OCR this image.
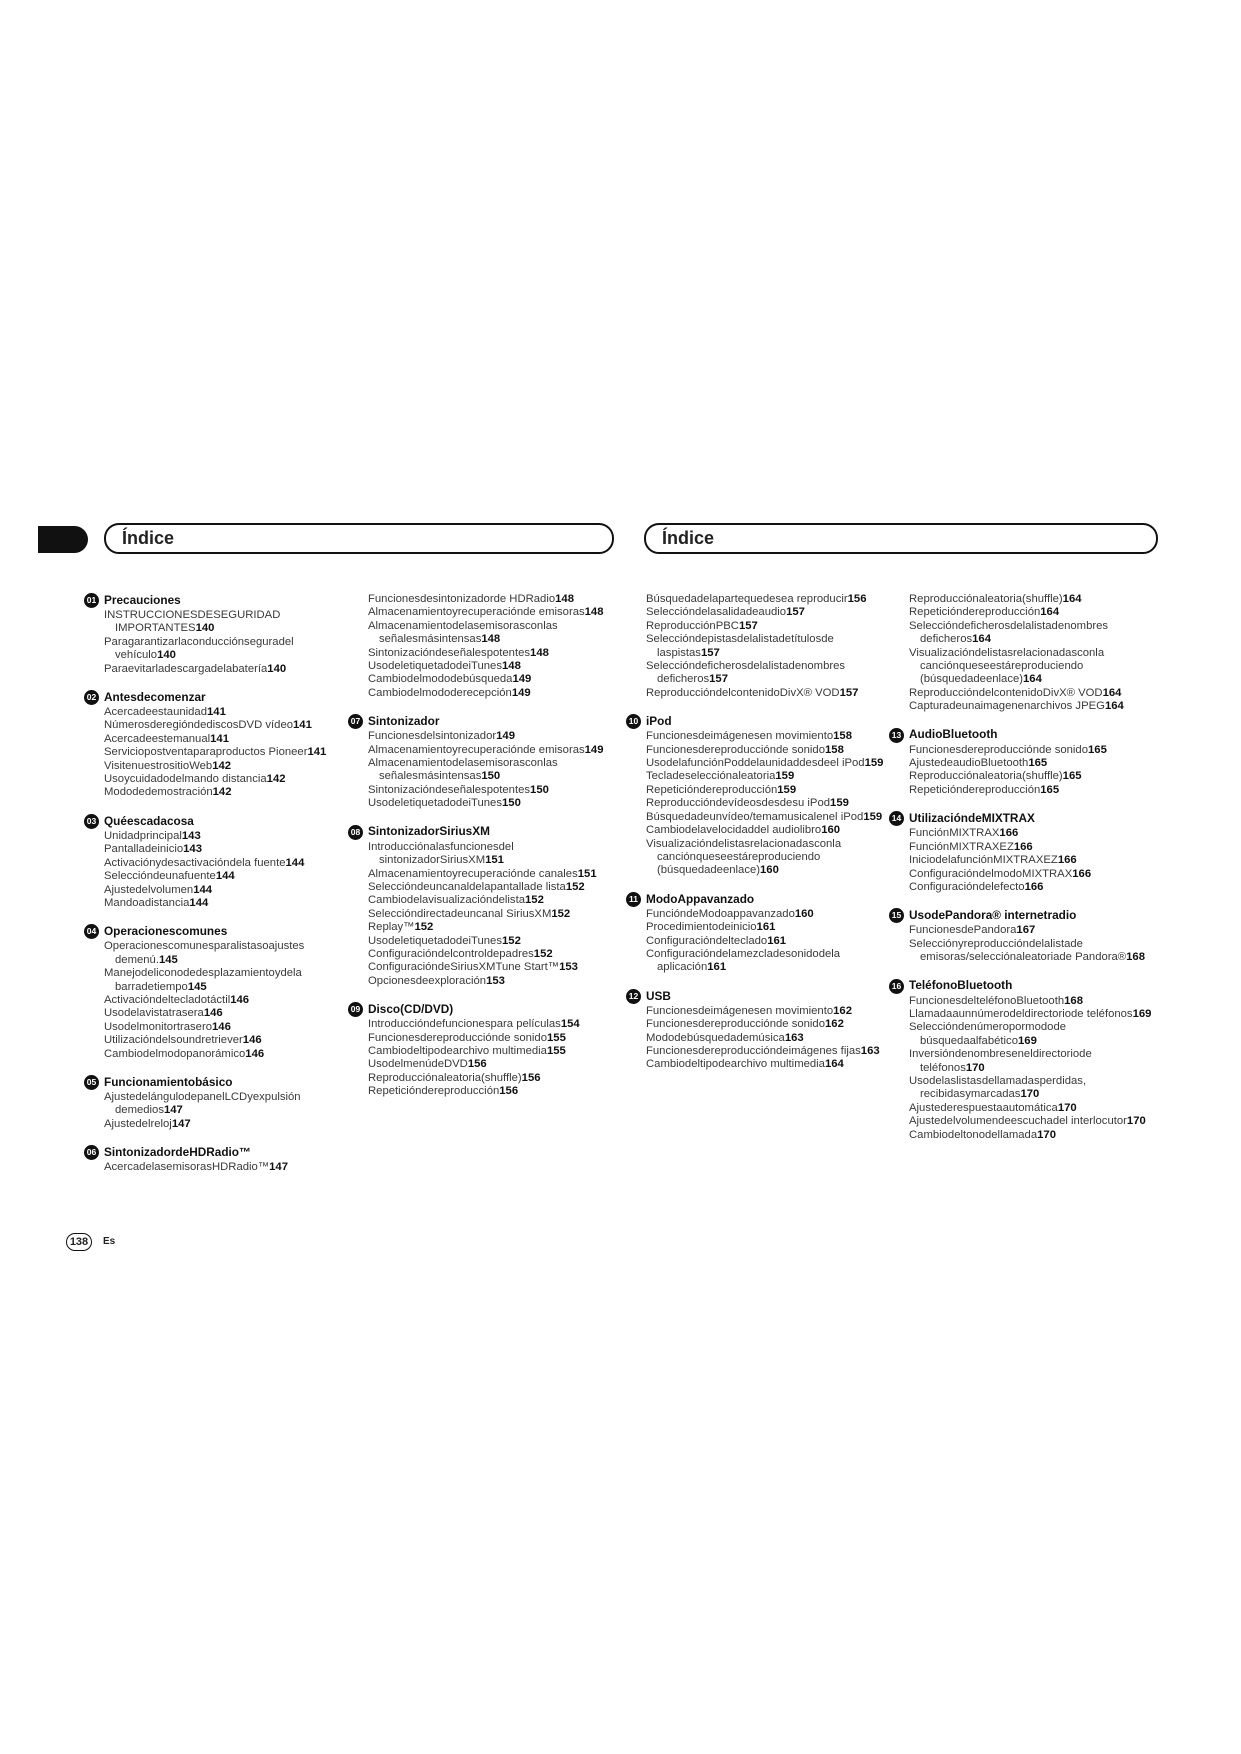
Índice	Índice
01 Precauciones
INSTRUCCIONESDESEGURIDAD IMPORTANTES140
Paragarantizarlaconducciónseguradel vehículo140
Paraevitarladescargadelabatería140
02 Antesdecomenzar
Acercadeestaunidad141
NúmerosderegióndediscosDVD vídeo141
Acercadeestemanual141
Serviciopostventaparaproductos Pioneer141
VisitenuestrositioWeb142
Usoycuidadodelmando distancia142
Mododedemostración142
03 Quéescadacosa
Unidadprincipal143
Pantalladeinicio143
Activaciónydesactivacióndela fuente144
Seleccióndeunafuente144
Ajustedelvolumen144
Mandoadistancia144
04 Operacionescomunes
Operacionescomunesparalistasoajustes demenú.145
Manejodeliconodedesplazamientoydela barradetiempo145
Activacióndeltecladotáctil146
Usodelavistatrasera146
Usodelmonitortrasero146
Utilizacióndelsoundretriever146
Cambiodelmodopanorámico146
05 Funcionamientobásico
AjustedelángulodepanelLCDyexpulsión demedios147
Ajustedelreloj147
06 SintonizadordeHDRadio™
AcercadelasemisorasHDRadio™147
Funcionesdesintonizadorde HDRadio148
Almacenamientoyrecuperaciónde emisoras148
Almacenamientodelasemisorasconlas señalesmásintensas148
Sintonizacióndeseñalespotentes148
UsodeletiquetadodeiTunes148
Cambiodelmododebúsqueda149
Cambiodelmododerecepción149
07 Sintonizador
Funcionesdelsintonizador149
Almacenamientoyrecuperaciónde emisoras149
Almacenamientodelasemisorasconlas señalesmásintensas150
Sintonizacióndeseñalespotentes150
UsodeletiquetadodeiTunes150
08 SintonizadorSiriusXM
Introducciónalasfuncionesdel sintonizadorSiriusXM151
Almacenamientoyrecuperaciónde canales151
Seleccióndeuncanaldelapantallade lista152
Cambiodelavisualizacióndelista152
Seleccióndirectadeuncanal SiriusXM152
Replay™152
UsodeletiquetadodeiTunes152
Configuracióndelcontroldepadres152
ConfiguracióndeSiriusXMTune Start™153
Opcionesdeexploración153
09 Disco(CD/DVD)
Introduccióndefuncionespara películas154
Funcionesdereproducciónde sonido155
Cambiodeltipodearchivo multimedia155
UsodelmenúdeDVD156
Reproducciónaleatoria(shuffle)156
Repeticióndereproducción156
Búsquedadelapartequedesea reproducir156
Seleccióndelasalidadeaudio157
ReproducciónPBC157
Seleccióndepistasdelalistadetítulosde laspistas157
Seleccióndeficherosdelalistadenombres deficheros157
ReproduccióndelcontenidoDivX® VOD157
10 iPod
Funcionesdeimágenesen movimiento158
Funcionesdereproducciónde sonido158
UsodelafunciónPoddelaunidaddesdeel iPod159
Tecladeselecciónaleatoria159
Repeticióndereproducción159
Reproduccióndevídeosdesdesu iPod159
Búsquedadeunvídeo/temamusicalenel iPod159
Cambiodelavelocidaddel audiolibro160
Visualizacióndelistasrelacionadasconla canciónqueseestáreproduciendo (búsquedadeenlace)160
11 ModoAppavanzado
FuncióndeModoappavanzado160
Procedimientodeinicio161
Configuracióndelteclado161
Configuracióndelamezcladesonidodela aplicación161
12 USB
Funcionesdeimágenesen movimiento162
Funcionesdereproducciónde sonido162
Mododebúsquedademúsica163
Funcionesdereproduccióndeimágenes fijas163
Cambiodeltipodearchivo multimedia164
Reproducciónaleatoria(shuffle)164
Repeticióndereproducción164
Seleccióndeficherosdelalistadenombres deficheros164
Visualizacióndelistasrelacionadasconla canciónqueseestáreproduciendo (búsquedadeenlace)164
ReproduccióndelcontenidoDivX® VOD164
Capturadeunaimagenenarchivos JPEG164
13 AudioBluetooth
Funcionesdereproducciónde sonido165
AjustedeaudioBluetooth165
Reproducciónaleatoria(shuffle)165
Repeticióndereproducción165
14 UtilizacióndeMIXTRAX
FunciónMIXTRAX166
FunciónMIXTRAXEZ166
IniciodelafunciónMIXTRAXEZ166
ConfiguracióndelmodoMIXTRAX166
Configuracióndelefecto166
15 UsodePandora® internetradio
FuncionesdePandora167
Selecciónyreproduccióndelalistade emisoras/selecciónaleatoriade Pandora®168
16 TeléfonoBluetooth
FuncionesdelteléfonoBluetooth168
Llamadaaunnúmerodeldirectoriode teléfonos169
Seleccióndenúmeropormodode búsquedaalfabético169
Inversióndenombreseneldirectoriode teléfonos170
Usodelaslistasdellamadasperdidas, recibidasymarcadas170
Ajustederespuestaautomática170
Ajustedelvolumendeescuchadel interlocutor170
Cambiodeltonodellamada170
138	Es
